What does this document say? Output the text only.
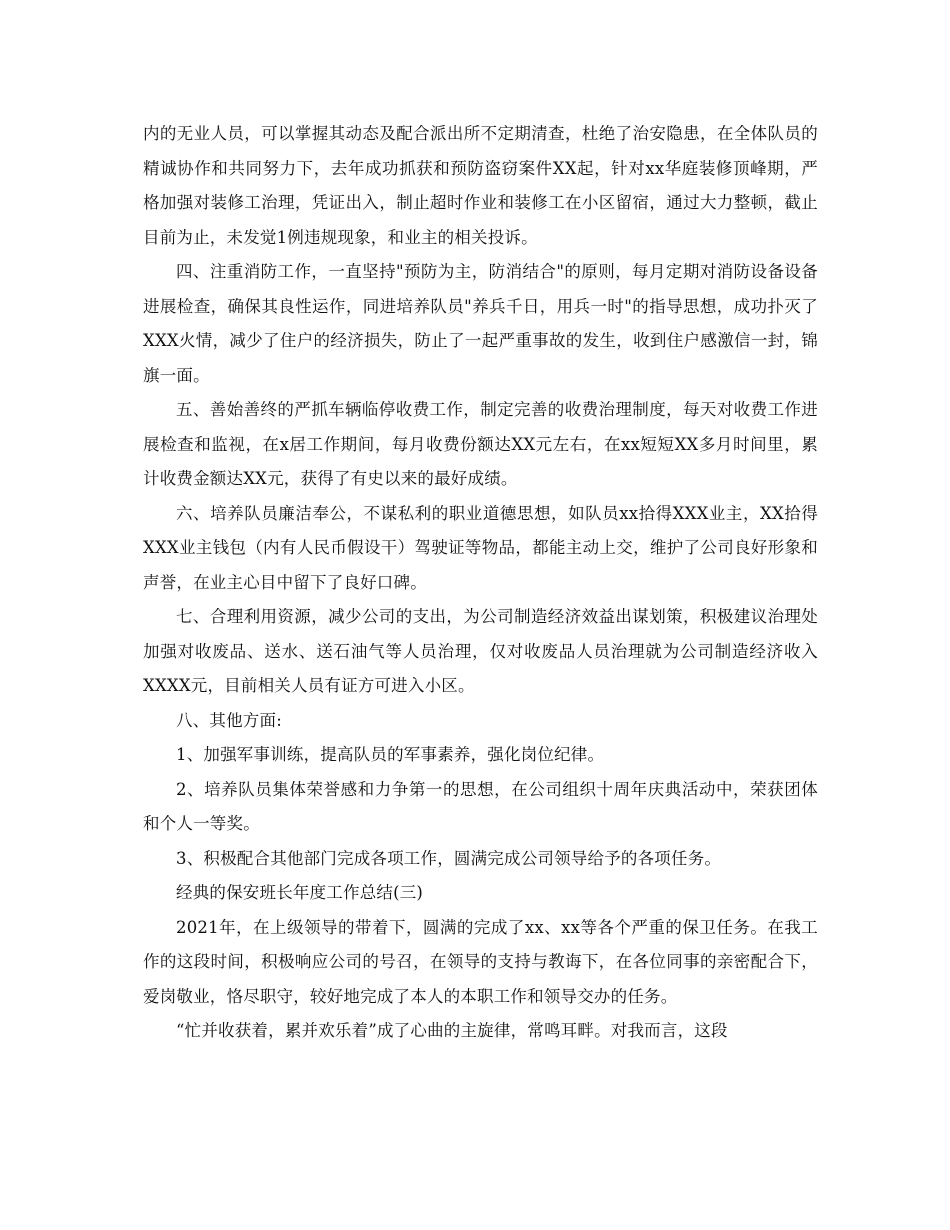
内的无业人员，可以掌握其动态及配合派出所不定期清查，杜绝了治安隐患，在全体队员的精诚协作和共同努力下，去年成功抓获和预防盗窃案件XX起，针对xx华庭装修顶峰期，严格加强对装修工治理，凭证出入，制止超时作业和装修工在小区留宿，通过大力整顿，截止目前为止，未发觉1例违规现象，和业主的相关投诉。

四、注重消防工作，一直坚持"预防为主，防消结合"的原则，每月定期对消防设备设备进展检查，确保其良性运作，同进培养队员"养兵千日，用兵一时"的指导思想，成功扑灭了XXX火情，减少了住户的经济损失，防止了一起严重事故的发生，收到住户感激信一封，锦旗一面。

五、善始善终的严抓车辆临停收费工作，制定完善的收费治理制度，每天对收费工作进展检查和监视，在x居工作期间，每月收费份额达XX元左右，在xx短短XX多月时间里，累计收费金额达XX元，获得了有史以来的最好成绩。

六、培养队员廉洁奉公，不谋私利的职业道德思想，如队员xx拾得XXX业主，XX拾得XXX业主钱包（内有人民币假设干）驾驶证等物品，都能主动上交，维护了公司良好形象和声誉，在业主心目中留下了良好口碑。

七、合理利用资源，减少公司的支出，为公司制造经济效益出谋划策，积极建议治理处加强对收废品、送水、送石油气等人员治理，仅对收废品人员治理就为公司制造经济收入XXXX元，目前相关人员有证方可进入小区。

八、其他方面:

1、加强军事训练，提高队员的军事素养，强化岗位纪律。

2、培养队员集体荣誉感和力争第一的思想，在公司组织十周年庆典活动中，荣获团体和个人一等奖。

3、积极配合其他部门完成各项工作，圆满完成公司领导给予的各项任务。

经典的保安班长年度工作总结(三)

2021年，在上级领导的带着下，圆满的完成了xx、xx等各个严重的保卫任务。在我工作的这段时间，积极响应公司的号召，在领导的支持与教诲下，在各位同事的亲密配合下，爱岗敬业，恪尽职守，较好地完成了本人的本职工作和领导交办的任务。

“忙并收获着，累并欢乐着”成了心曲的主旋律，常鸣耳畔。对我而言，这段
